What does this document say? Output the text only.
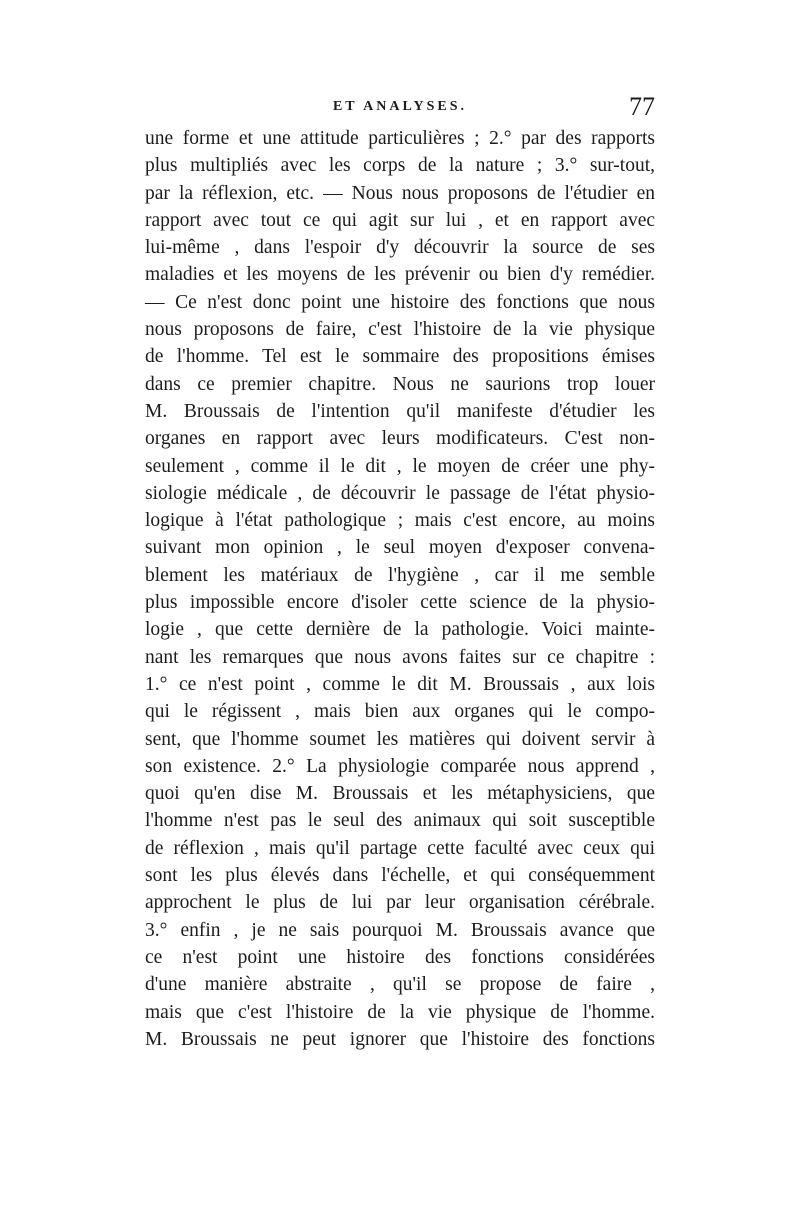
ET ANALYSES.	77
une forme et une attitude particulières ; 2.° par des rapports
plus multipliés avec les corps de la nature ; 3.° sur-tout,
par la réflexion, etc. — Nous nous proposons de l'étudier en
rapport avec tout ce qui agit sur lui , et en rapport avec
lui-même , dans l'espoir d'y découvrir la source de ses
maladies et les moyens de les prévenir ou bien d'y remédier.
— Ce n'est donc point une histoire des fonctions que nous
nous proposons de faire, c'est l'histoire de la vie physique
de l'homme. Tel est le sommaire des propositions émises
dans ce premier chapitre. Nous ne saurions trop louer
M. Broussais de l'intention qu'il manifeste d'étudier les
organes en rapport avec leurs modificateurs. C'est non-
seulement , comme il le dit , le moyen de créer une phy-
siologie médicale , de découvrir le passage de l'état physio-
logique à l'état pathologique ; mais c'est encore, au moins
suivant mon opinion , le seul moyen d'exposer convena-
blement les matériaux de l'hygiène , car il me semble
plus impossible encore d'isoler cette science de la physio-
logie , que cette dernière de la pathologie. Voici mainte-
nant les remarques que nous avons faites sur ce chapitre :
1.° ce n'est point , comme le dit M. Broussais , aux lois
qui le régissent , mais bien aux organes qui le compo-
sent, que l'homme soumet les matières qui doivent servir à
son existence. 2.° La physiologie comparée nous apprend ,
quoi qu'en dise M. Broussais et les métaphysiciens, que
l'homme n'est pas le seul des animaux qui soit susceptible
de réflexion , mais qu'il partage cette faculté avec ceux qui
sont les plus élevés dans l'échelle, et qui conséquemment
approchent le plus de lui par leur organisation cérébrale.
3.° enfin , je ne sais pourquoi M. Broussais avance que
ce n'est point une histoire des fonctions considérées
d'une manière abstraite , qu'il se propose de faire ,
mais que c'est l'histoire de la vie physique de l'homme.
M. Broussais ne peut ignorer que l'histoire des fonctions
